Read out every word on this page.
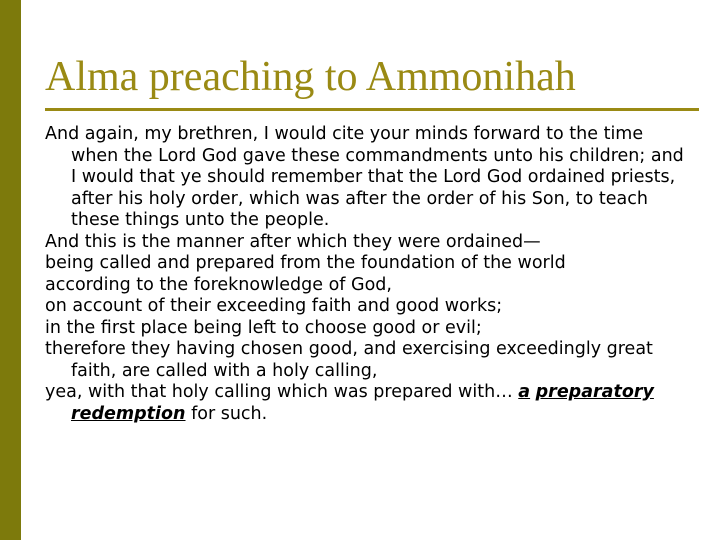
Alma preaching to Ammonihah

And again, my brethren, I would cite your minds forward to the time when the Lord God gave these commandments unto his children; and I would that ye should remember that the Lord God ordained priests, after his holy order, which was after the order of his Son, to teach these things unto the people.

And this is the manner after which they were ordained—

being called and prepared from the foundation of the world

according to the foreknowledge of God,

on account of their exceeding faith and good works;

in the first place being left to choose good or evil;

therefore they having chosen good, and exercising exceedingly great faith, are called with a holy calling,

yea, with that holy calling which was prepared with… a preparatory redemption for such.
